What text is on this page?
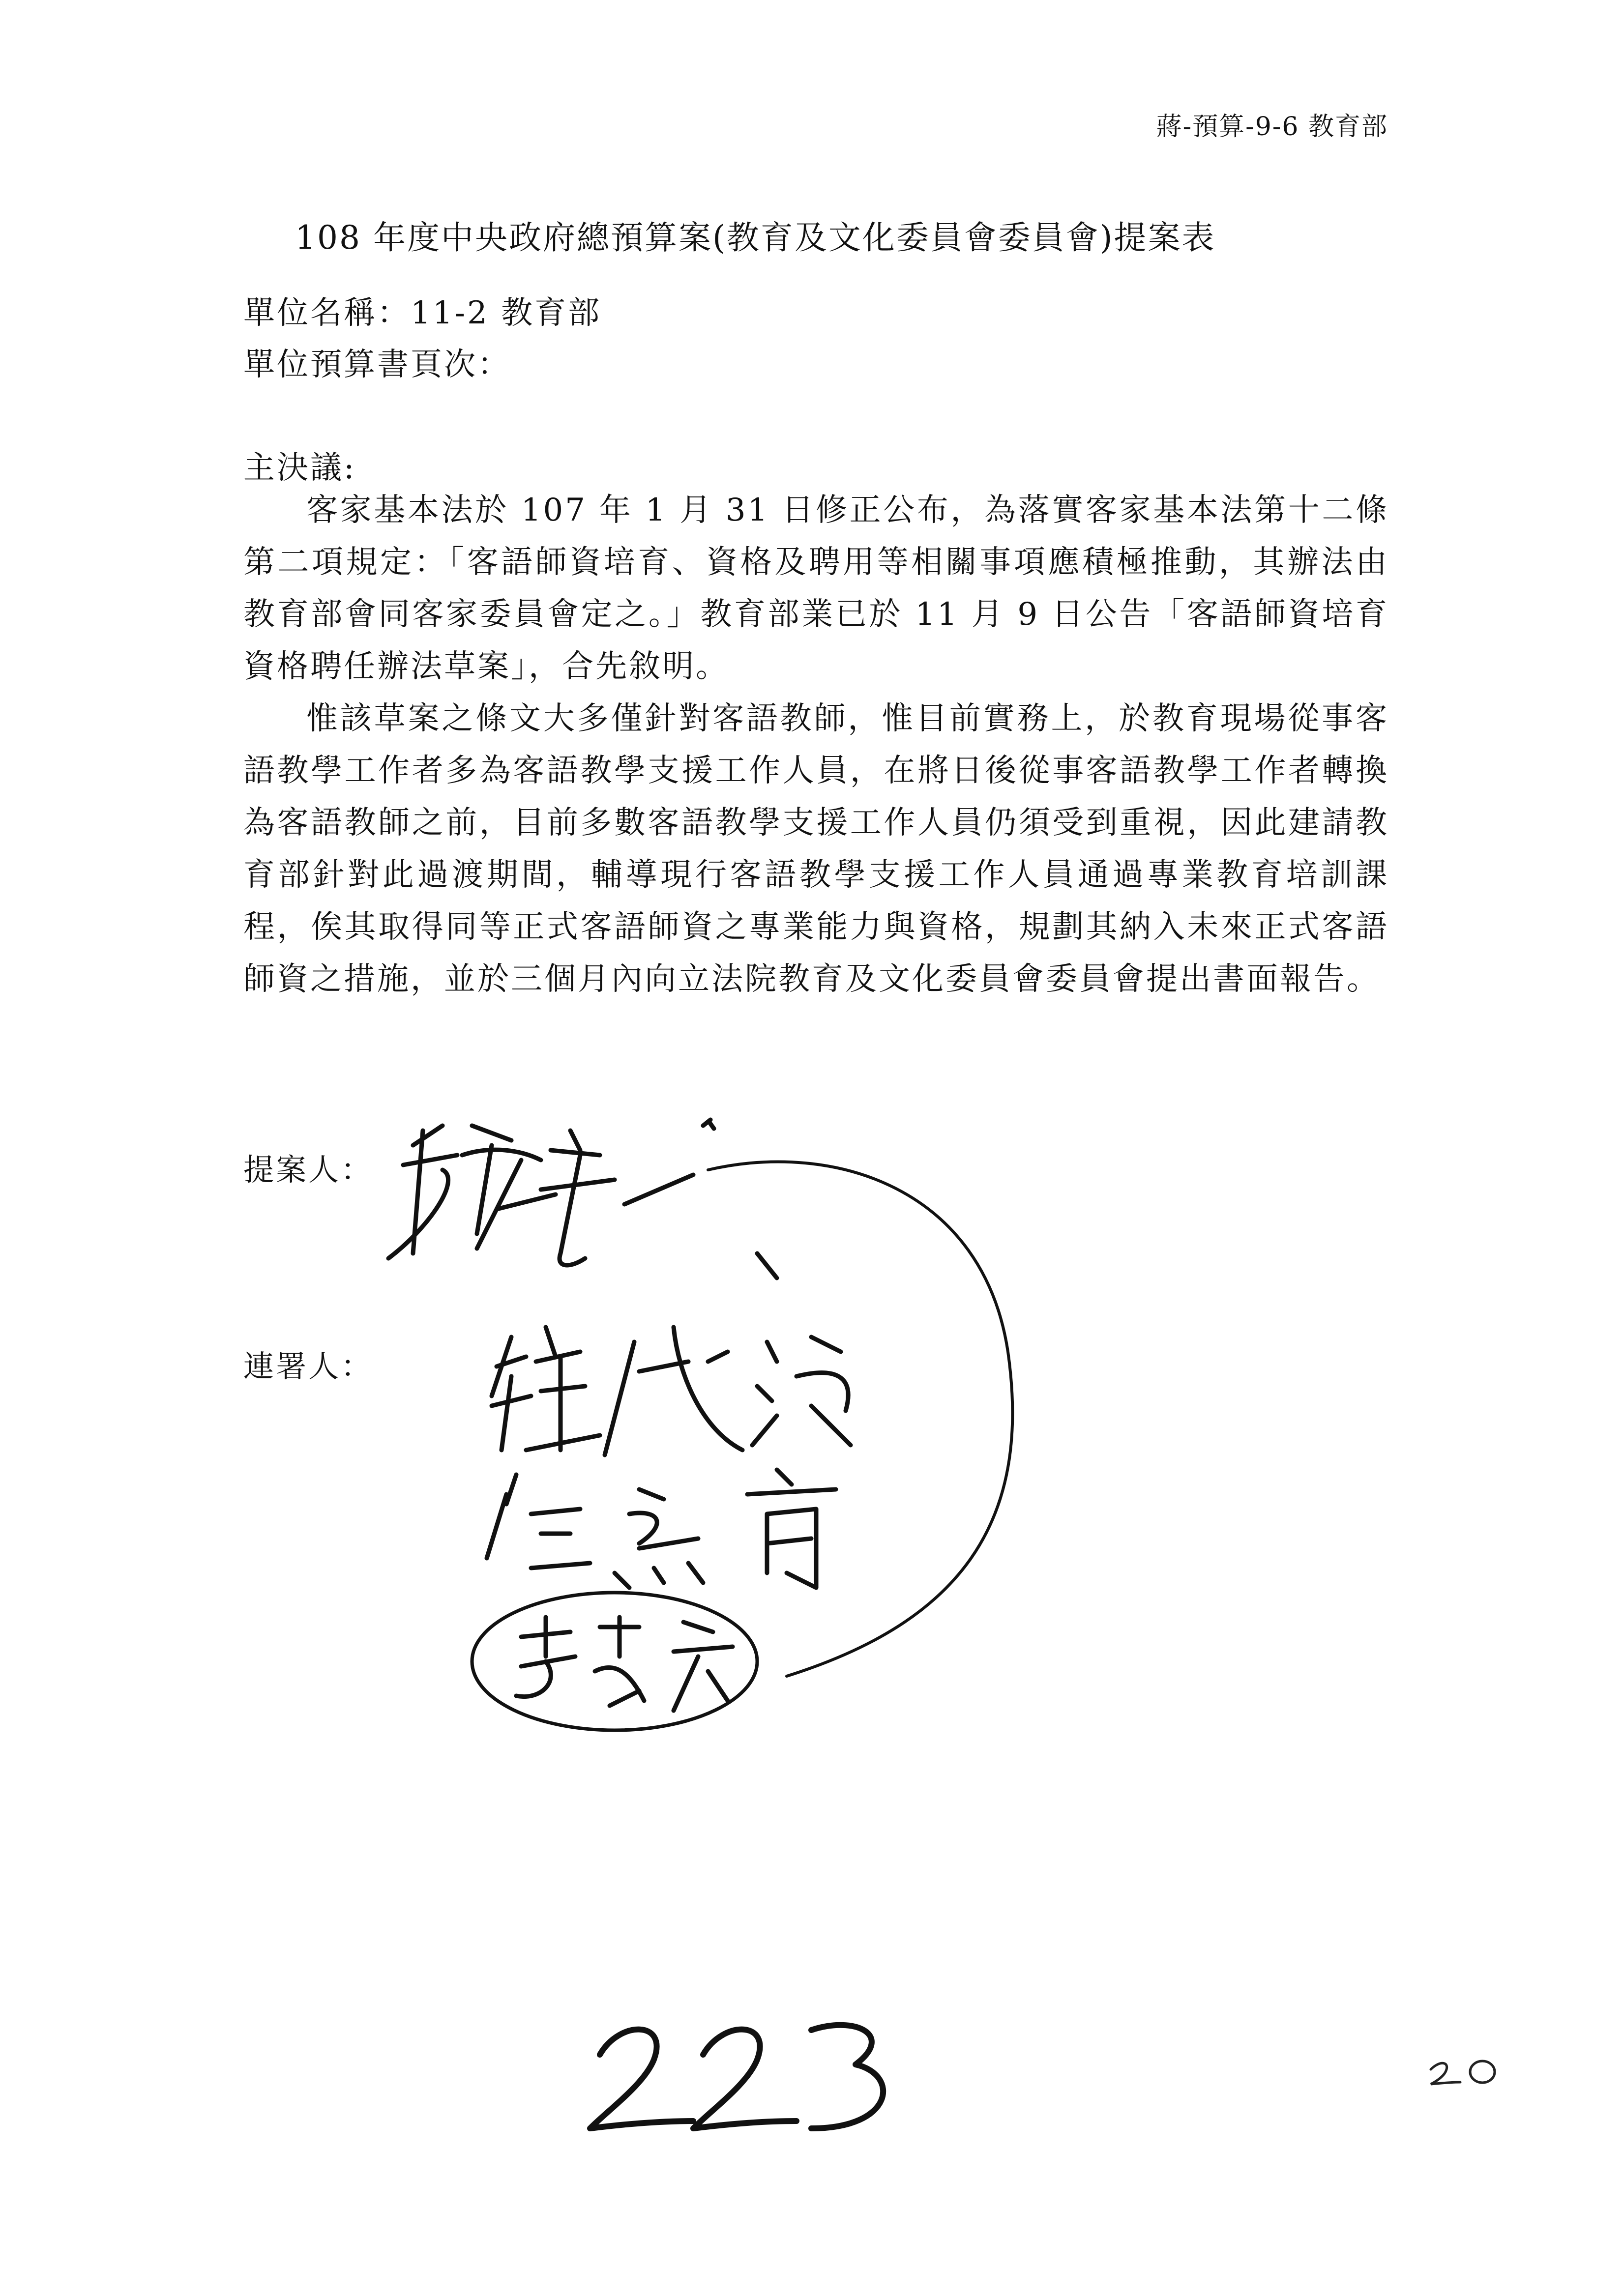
蔣-預算-9-6 教育部
108 年度中央政府總預算案(教育及文化委員會委員會)提案表
單位名稱：11-2 教育部
單位預算書頁次：
主決議:

客家基本法於 107 年 1 月 31 日修正公布，為落實客家基本法第十二條第二項規定：「客語師資培育、資格及聘用等相關事項應積極推動，其辦法由教育部會同客家委員會定之。」教育部業已於 11 月 9 日公告「客語師資培育資格聘任辦法草案」，合先敘明。

惟該草案之條文大多僅針對客語教師，惟目前實務上，於教育現場從事客語教學工作者多為客語教學支援工作人員，在將日後從事客語教學工作者轉換為客語教師之前，目前多數客語教學支援工作人員仍須受到重視，因此建請教育部針對此過渡期間，輔導現行客語教學支援工作人員通過專業教育培訓課程，俟其取得同等正式客語師資之專業能力與資格，規劃其納入未來正式客語師資之措施，並於三個月內向立法院教育及文化委員會委員會提出書面報告。

提案人：
連署人：
